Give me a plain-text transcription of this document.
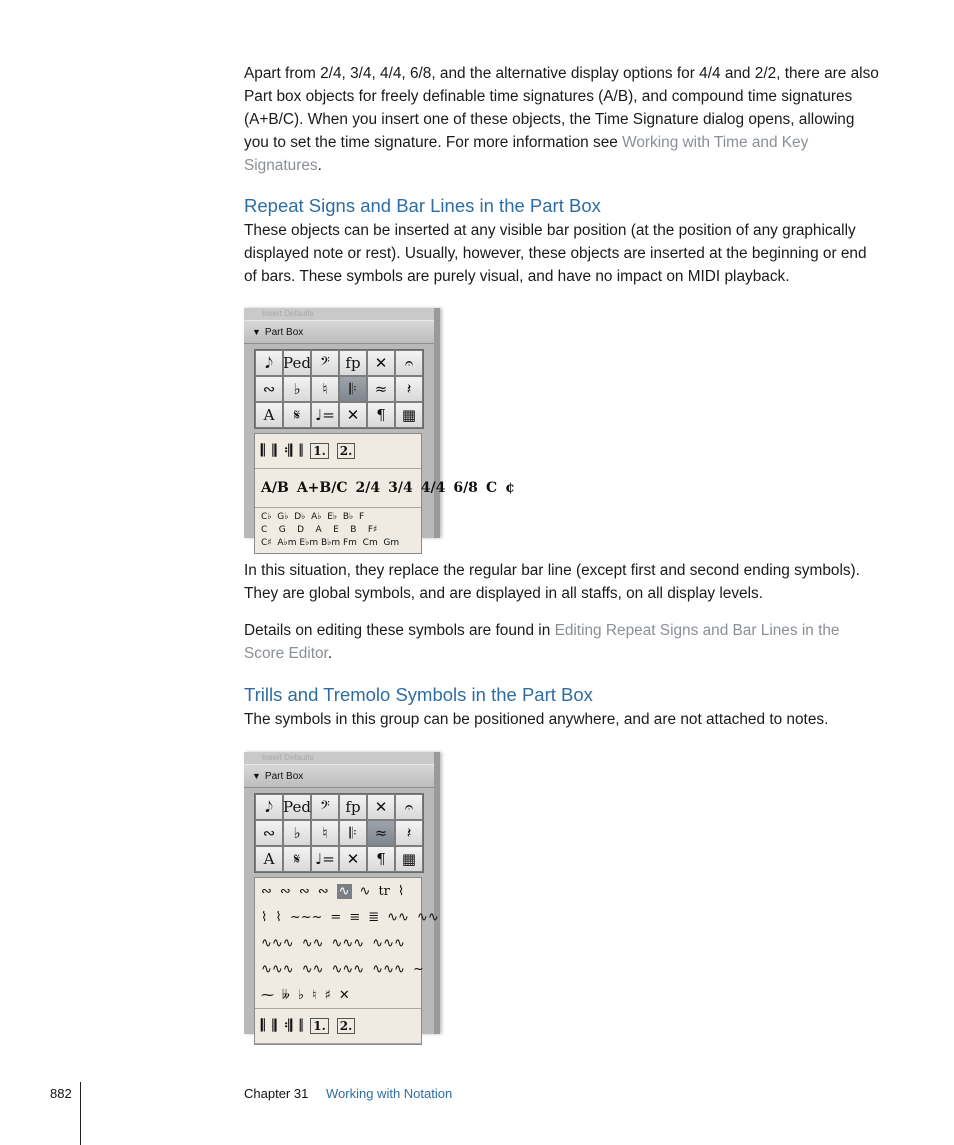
Apart from 2/4, 3/4, 4/4, 6/8, and the alternative display options for 4/4 and 2/2, there are also Part box objects for freely definable time signatures (A/B), and compound time signatures (A+B/C). When you insert one of these objects, the Time Signature dialog opens, allowing you to set the time signature. For more information see Working with Time and Key Signatures.

Repeat Signs and Bar Lines in the Part Box

These objects can be inserted at any visible bar position (at the position of any graphically displayed note or rest). Usually, however, these objects are inserted at the beginning or end of bars. These symbols are purely visual, and have no impact on MIDI playback.

Insert Defaults
▼ Part Box
𝅘𝅥𝅮 Ped 𝄢	fp ✕	𝄐
∾	♭	♮	𝄆	≈	𝄽
A	𝄋 ♩= ✕	¶	▦
𝄃 𝄂 𝄇 𝄁 1. 2.
A/B A+B/C 2/4 3/4 4/4 6/8 C ¢
C♭  G♭  D♭  A♭  E♭  B♭  F
C    G    D    A    E    B    F♯
C♯  A♭m E♭m B♭m Fm  Cm  Gm

In this situation, they replace the regular bar line (except first and second ending symbols). They are global symbols, and are displayed in all staffs, on all display levels.

Details on editing these symbols are found in Editing Repeat Signs and Bar Lines in the Score Editor.

Trills and Tremolo Symbols in the Part Box

The symbols in this group can be positioned anywhere, and are not attached to notes.

Insert Defaults
▼ Part Box
𝅘𝅥𝅮 Ped 𝄢	fp ✕	𝄐
∾	♭	♮	𝄆	≈	𝄽
A	𝄋 ♩= ✕	¶	▦
∾ ∾ ∾ ∾ ∿ ∿ tr ⌇
⌇ ⌇ ~~~ = ≡ ≣ ∿∿ ∿∿
∿∿∿ ∿∿ ∿∿∿ ∿∿∿
∿∿∿ ∿∿ ∿∿∿ ∿∿∿ ~
⁓ 𝄫 ♭ ♮ ♯ ✕
𝄃 𝄂 𝄇 𝄁 1. 2.
882	Chapter 31 Working with Notation
